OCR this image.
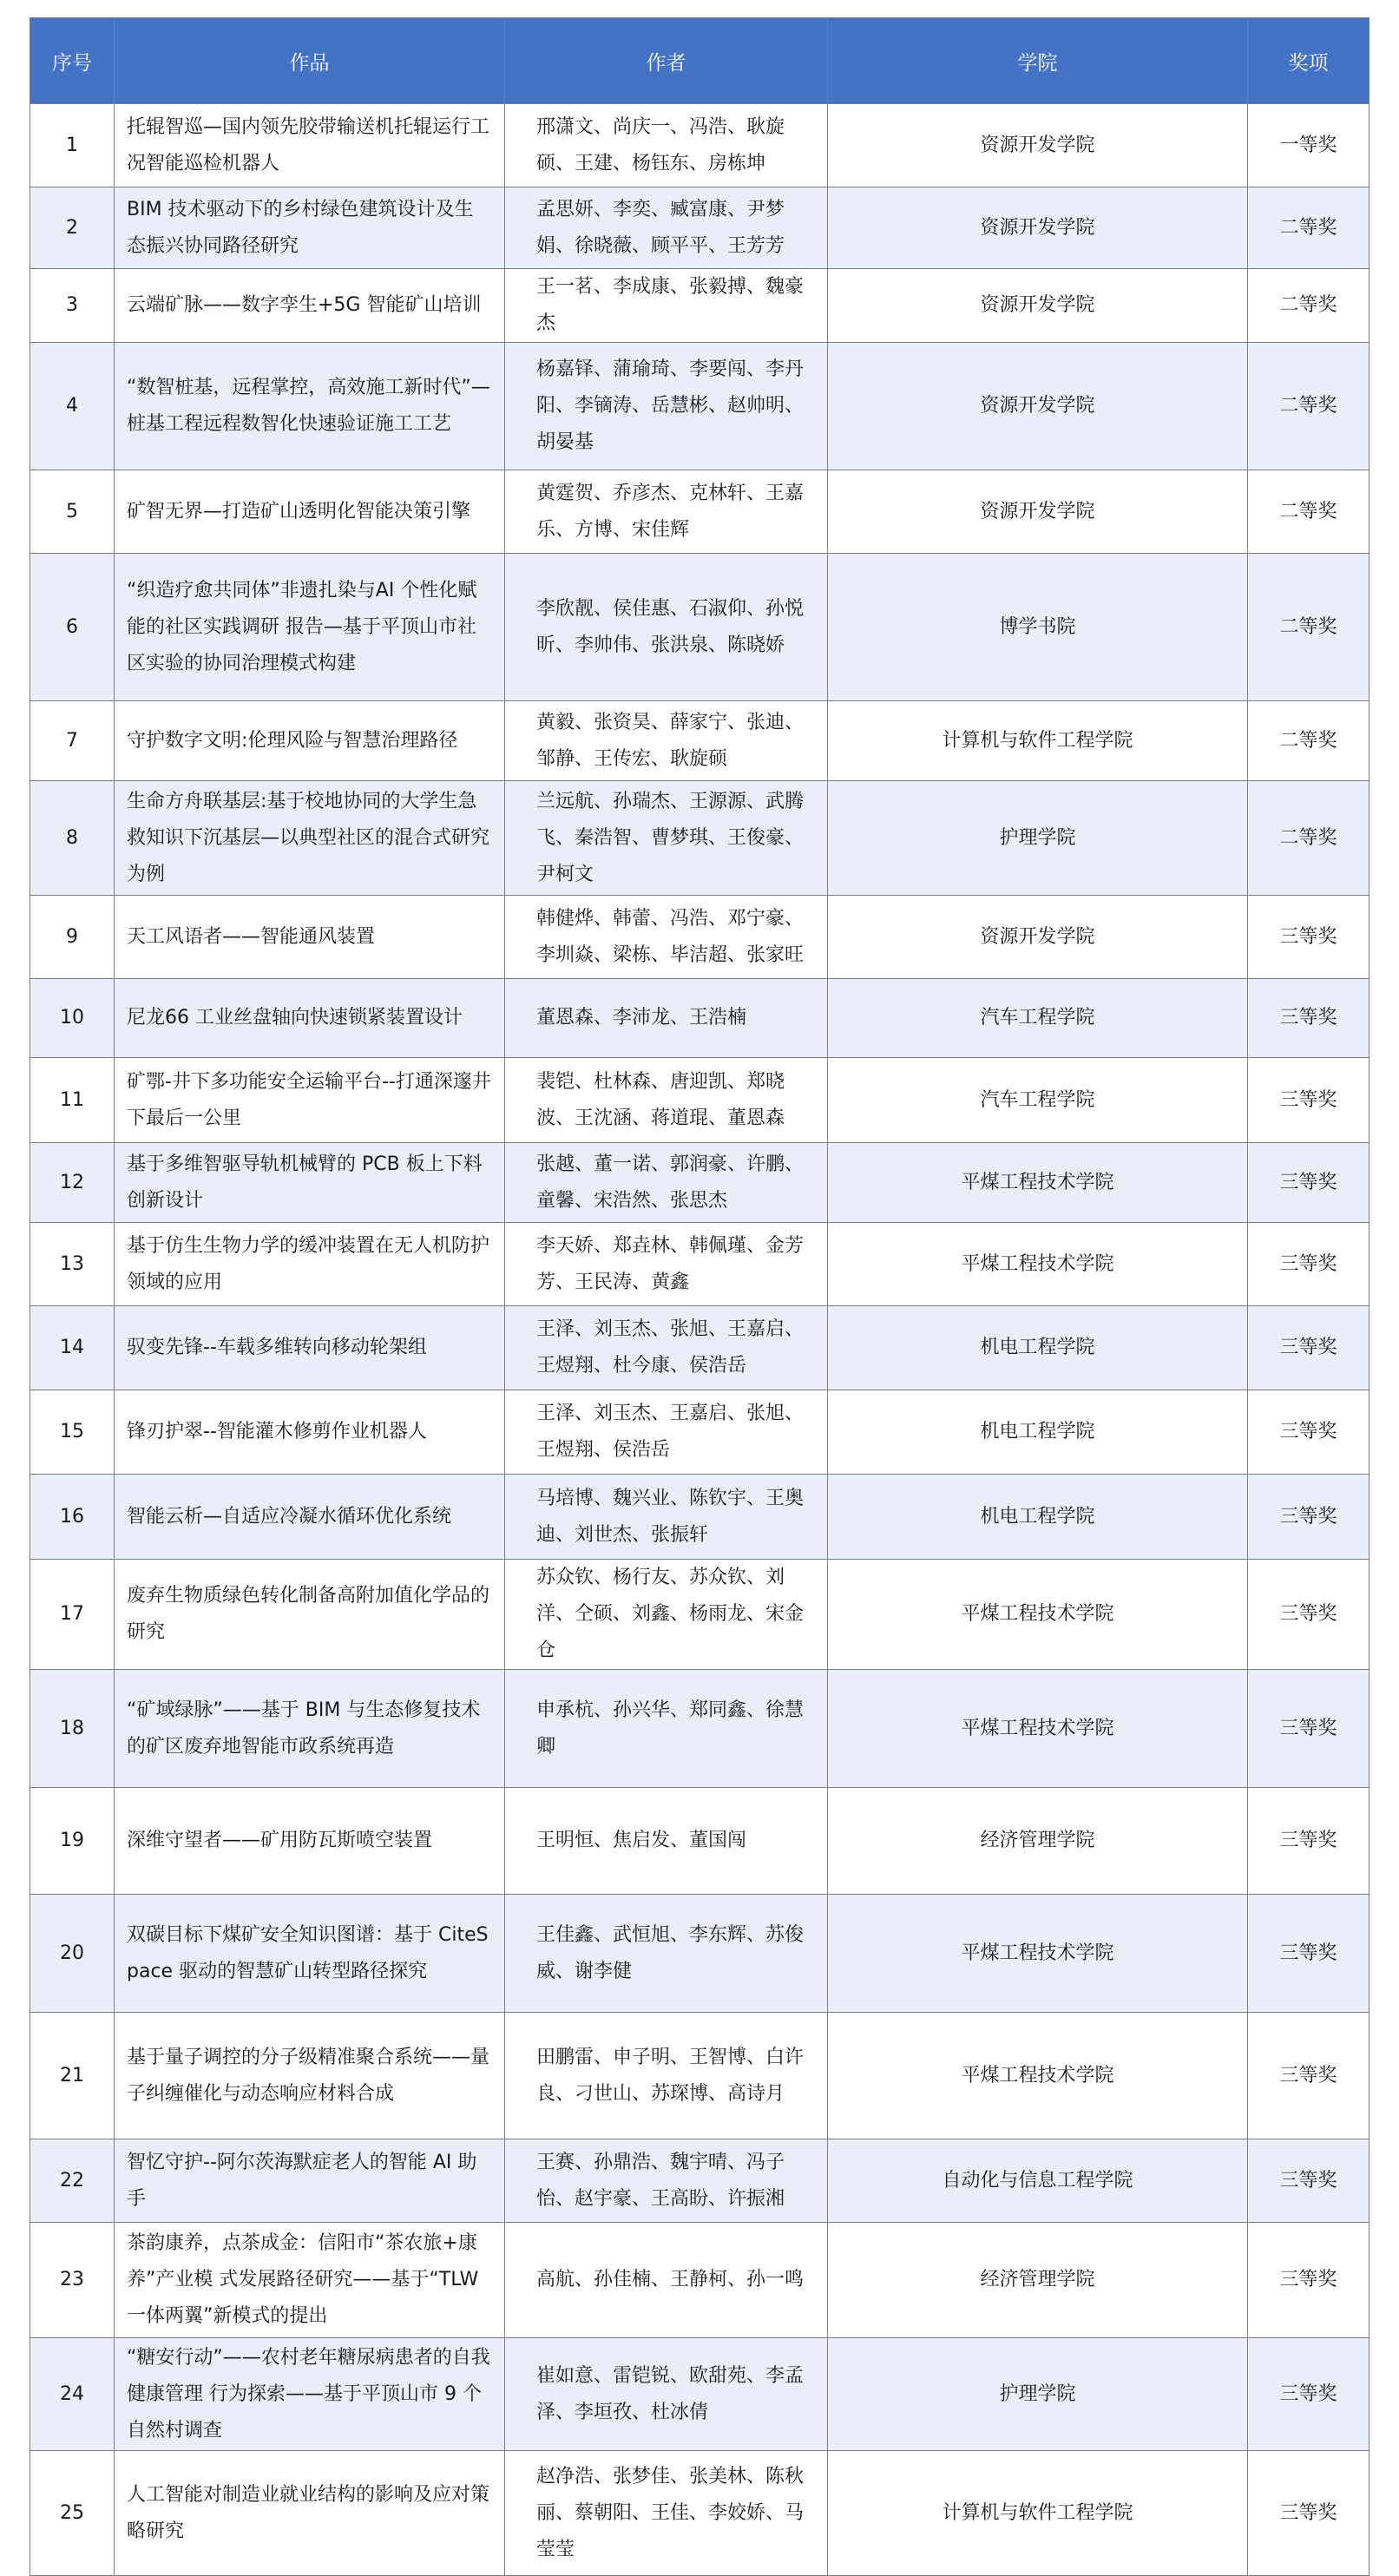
序号	作品	作者	学院	奖项
1	托辊智巡—国内领先胶带输送机托辊运行工况智能巡检机器人	邢潇文、尚庆一、冯浩、耿旋硕、王建、杨钰东、房栋坤	资源开发学院	一等奖
2	BIM 技术驱动下的乡村绿色建筑设计及生态振兴协同路径研究	孟思妍、李奕、臧富康、尹梦娟、徐晓薇、顾平平、王芳芳	资源开发学院	二等奖
3	云端矿脉——数字孪生+5G 智能矿山培训	王一茗、李成康、张毅搏、魏豪杰	资源开发学院	二等奖
4	“数智桩基，远程掌控，高效施工新时代”—桩基工程远程数智化快速验证施工工艺	杨嘉铎、蒲瑜琦、李要闯、李丹阳、李镝涛、岳慧彬、赵帅明、胡晏基	资源开发学院	二等奖
5	矿智无界—打造矿山透明化智能决策引擎	黄霆贺、乔彦杰、克林轩、王嘉乐、方博、宋佳辉	资源开发学院	二等奖
6	“织造疗愈共同体”非遗扎染与AI 个性化赋能的社区实践调研 报告—基于平顶山市社区实验的协同治理模式构建	李欣靓、侯佳惠、石淑仰、孙悦昕、李帅伟、张洪泉、陈晓娇	博学书院	二等奖
7	守护数字文明:伦理风险与智慧治理路径	黄毅、张资昊、薛家宁、张迪、邹静、王传宏、耿旋硕	计算机与软件工程学院	二等奖
8	生命方舟联基层:基于校地协同的大学生急救知识下沉基层—以典型社区的混合式研究为例	兰远航、孙瑞杰、王源源、武腾飞、秦浩智、曹梦琪、王俊豪、尹柯文	护理学院	二等奖
9	天工风语者——智能通风装置	韩健烨、韩蕾、冯浩、邓宁豪、李圳焱、梁栋、毕洁超、张家旺	资源开发学院	三等奖
10	尼龙66 工业丝盘轴向快速锁紧装置设计	董恩森、李沛龙、王浩楠	汽车工程学院	三等奖
11	矿鄂-井下多功能安全运输平台--打通深邃井下最后一公里	裴铠、杜林森、唐迎凯、郑晓波、王沈涵、蒋道琨、董恩森	汽车工程学院	三等奖
12	基于多维智驱导轨机械臂的 PCB 板上下料创新设计	张越、董一诺、郭润豪、许鹏、童馨、宋浩然、张思杰	平煤工程技术学院	三等奖
13	基于仿生生物力学的缓冲装置在无人机防护领域的应用	李天娇、郑垚林、韩佩瑾、金芳芳、王民涛、黄鑫	平煤工程技术学院	三等奖
14	驭变先锋--车载多维转向移动轮架组	王泽、刘玉杰、张旭、王嘉启、王煜翔、杜今康、侯浩岳	机电工程学院	三等奖
15	锋刃护翠--智能灌木修剪作业机器人	王泽、刘玉杰、王嘉启、张旭、王煜翔、侯浩岳	机电工程学院	三等奖
16	智能云析—自适应冷凝水循环优化系统	马培博、魏兴业、陈钦宇、王奥迪、刘世杰、张振轩	机电工程学院	三等奖
17	废弃生物质绿色转化制备高附加值化学品的研究	苏众钦、杨行友、苏众钦、刘洋、仝硕、刘鑫、杨雨龙、宋金仓	平煤工程技术学院	三等奖
18	“矿域绿脉”——基于 BIM 与生态修复技术的矿区废弃地智能市政系统再造	申承杭、孙兴华、郑同鑫、徐慧卿	平煤工程技术学院	三等奖
19	深维守望者——矿用防瓦斯喷空装置	王明恒、焦启发、董国闯	经济管理学院	三等奖
20	双碳目标下煤矿安全知识图谱：基于 CiteSpace 驱动的智慧矿山转型路径探究	王佳鑫、武恒旭、李东辉、苏俊威、谢李健	平煤工程技术学院	三等奖
21	基于量子调控的分子级精准聚合系统——量子纠缠催化与动态响应材料合成	田鹏雷、申子明、王智博、白许良、刁世山、苏琛博、高诗月	平煤工程技术学院	三等奖
22	智忆守护--阿尔茨海默症老人的智能 AI 助手	王赛、孙鼎浩、魏宇晴、冯子怡、赵宇豪、王高盼、许振湘	自动化与信息工程学院	三等奖
23	茶韵康养，点茶成金：信阳市“茶农旅+康养”产业模 式发展路径研究——基于“TLW 一体两翼”新模式的提出	高航、孙佳楠、王静柯、孙一鸣	经济管理学院	三等奖
24	“糖安行动”——农村老年糖尿病患者的自我健康管理 行为探索——基于平顶山市 9 个自然村调查	崔如意、雷铠锐、欧甜苑、李孟泽、李垣孜、杜冰倩	护理学院	三等奖
25	人工智能对制造业就业结构的影响及应对策略研究	赵净浩、张梦佳、张美林、陈秋丽、蔡朝阳、王佳、李姣娇、马莹莹	计算机与软件工程学院	三等奖
